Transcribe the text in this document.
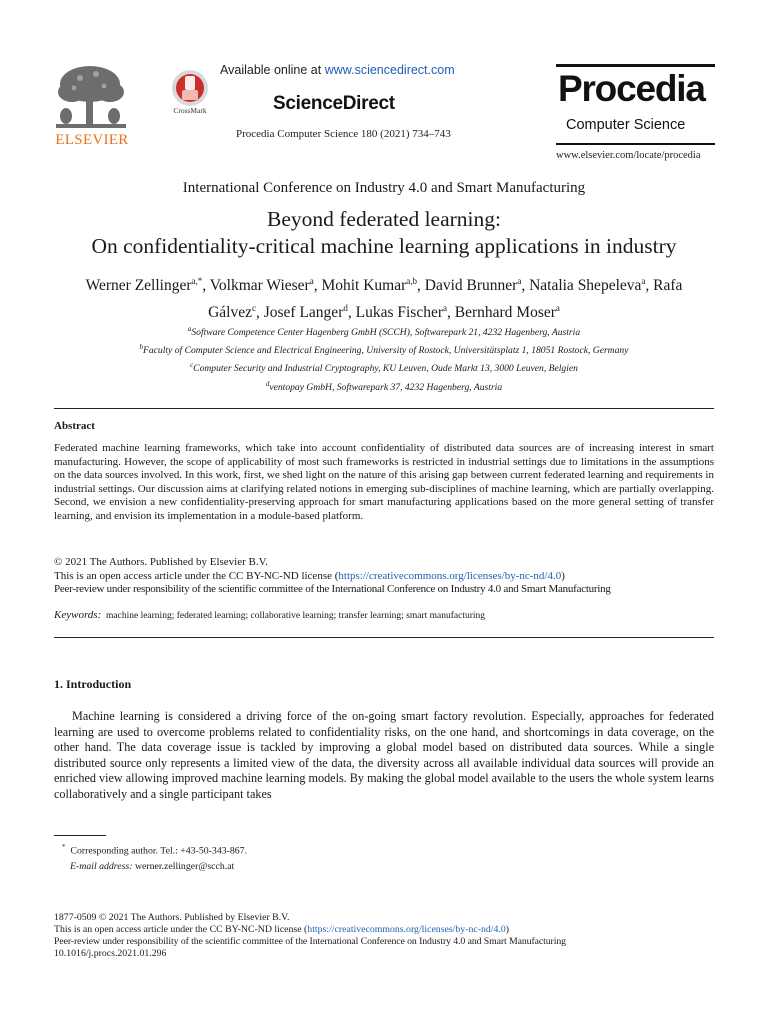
ELSEVIER
CrossMark
Available online at www.sciencedirect.com
ScienceDirect
Procedia Computer Science 180 (2021) 734–743
Procedia
Computer Science
www.elsevier.com/locate/procedia
International Conference on Industry 4.0 and Smart Manufacturing
Beyond federated learning:
On confidentiality-critical machine learning applications in industry
Werner Zellinger$^{a,*}$, Volkmar Wieser$^a$, Mohit Kumar$^{a,b}$, David Brunner$^a$, Natalia Shepeleva$^a$, Rafa Gálvez$^c$, Josef Langer$^d$, Lukas Fischer$^a$, Bernhard Moser$^a$
$^a$Software Competence Center Hagenberg GmbH (SCCH), Softwarepark 21, 4232 Hagenberg, Austria
$^b$Faculty of Computer Science and Electrical Engineering, University of Rostock, Universitätsplatz 1, 18051 Rostock, Germany
$^c$Computer Security and Industrial Cryptography, KU Leuven, Oude Markt 13, 3000 Leuven, Belgien
$^d$ventopay GmbH, Softwarepark 37, 4232 Hagenberg, Austria
Abstract
Federated machine learning frameworks, which take into account confidentiality of distributed data sources are of increasing interest in smart manufacturing. However, the scope of applicability of most such frameworks is restricted in industrial settings due to limitations in the assumptions on the data sources involved. In this work, first, we shed light on the nature of this arising gap between current federated learning and requirements in industrial settings. Our discussion aims at clarifying related notions in emerging sub-disciplines of machine learning, which are partially overlapping. Second, we envision a new confidentiality-preserving approach for smart manufacturing applications based on the more general setting of transfer learning, and envision its implementation in a module-based platform.
© 2021 The Authors. Published by Elsevier B.V.
This is an open access article under the CC BY-NC-ND license (https://creativecommons.org/licenses/by-nc-nd/4.0)
Peer-review under responsibility of the scientific committee of the International Conference on Industry 4.0 and Smart Manufacturing
Keywords: machine learning; federated learning; collaborative learning; transfer learning; smart manufacturing
1. Introduction
Machine learning is considered a driving force of the on-going smart factory revolution. Especially, approaches for federated learning are used to overcome problems related to confidentiality risks, on the one hand, and shortcomings in data coverage, on the other hand. The data coverage issue is tackled by improving a global model based on distributed data sources. While a single distributed source only represents a limited view of the data, the diversity across all available individual data sources will provide an enriched view allowing improved machine learning models. By making the global model available to the users the whole system learns collaboratively and a single participant takes
* Corresponding author. Tel.: +43-50-343-867.
E-mail address: werner.zellinger@scch.at
1877-0509 © 2021 The Authors. Published by Elsevier B.V.
This is an open access article under the CC BY-NC-ND license (https://creativecommons.org/licenses/by-nc-nd/4.0)
Peer-review under responsibility of the scientific committee of the International Conference on Industry 4.0 and Smart Manufacturing
10.1016/j.procs.2021.01.296
